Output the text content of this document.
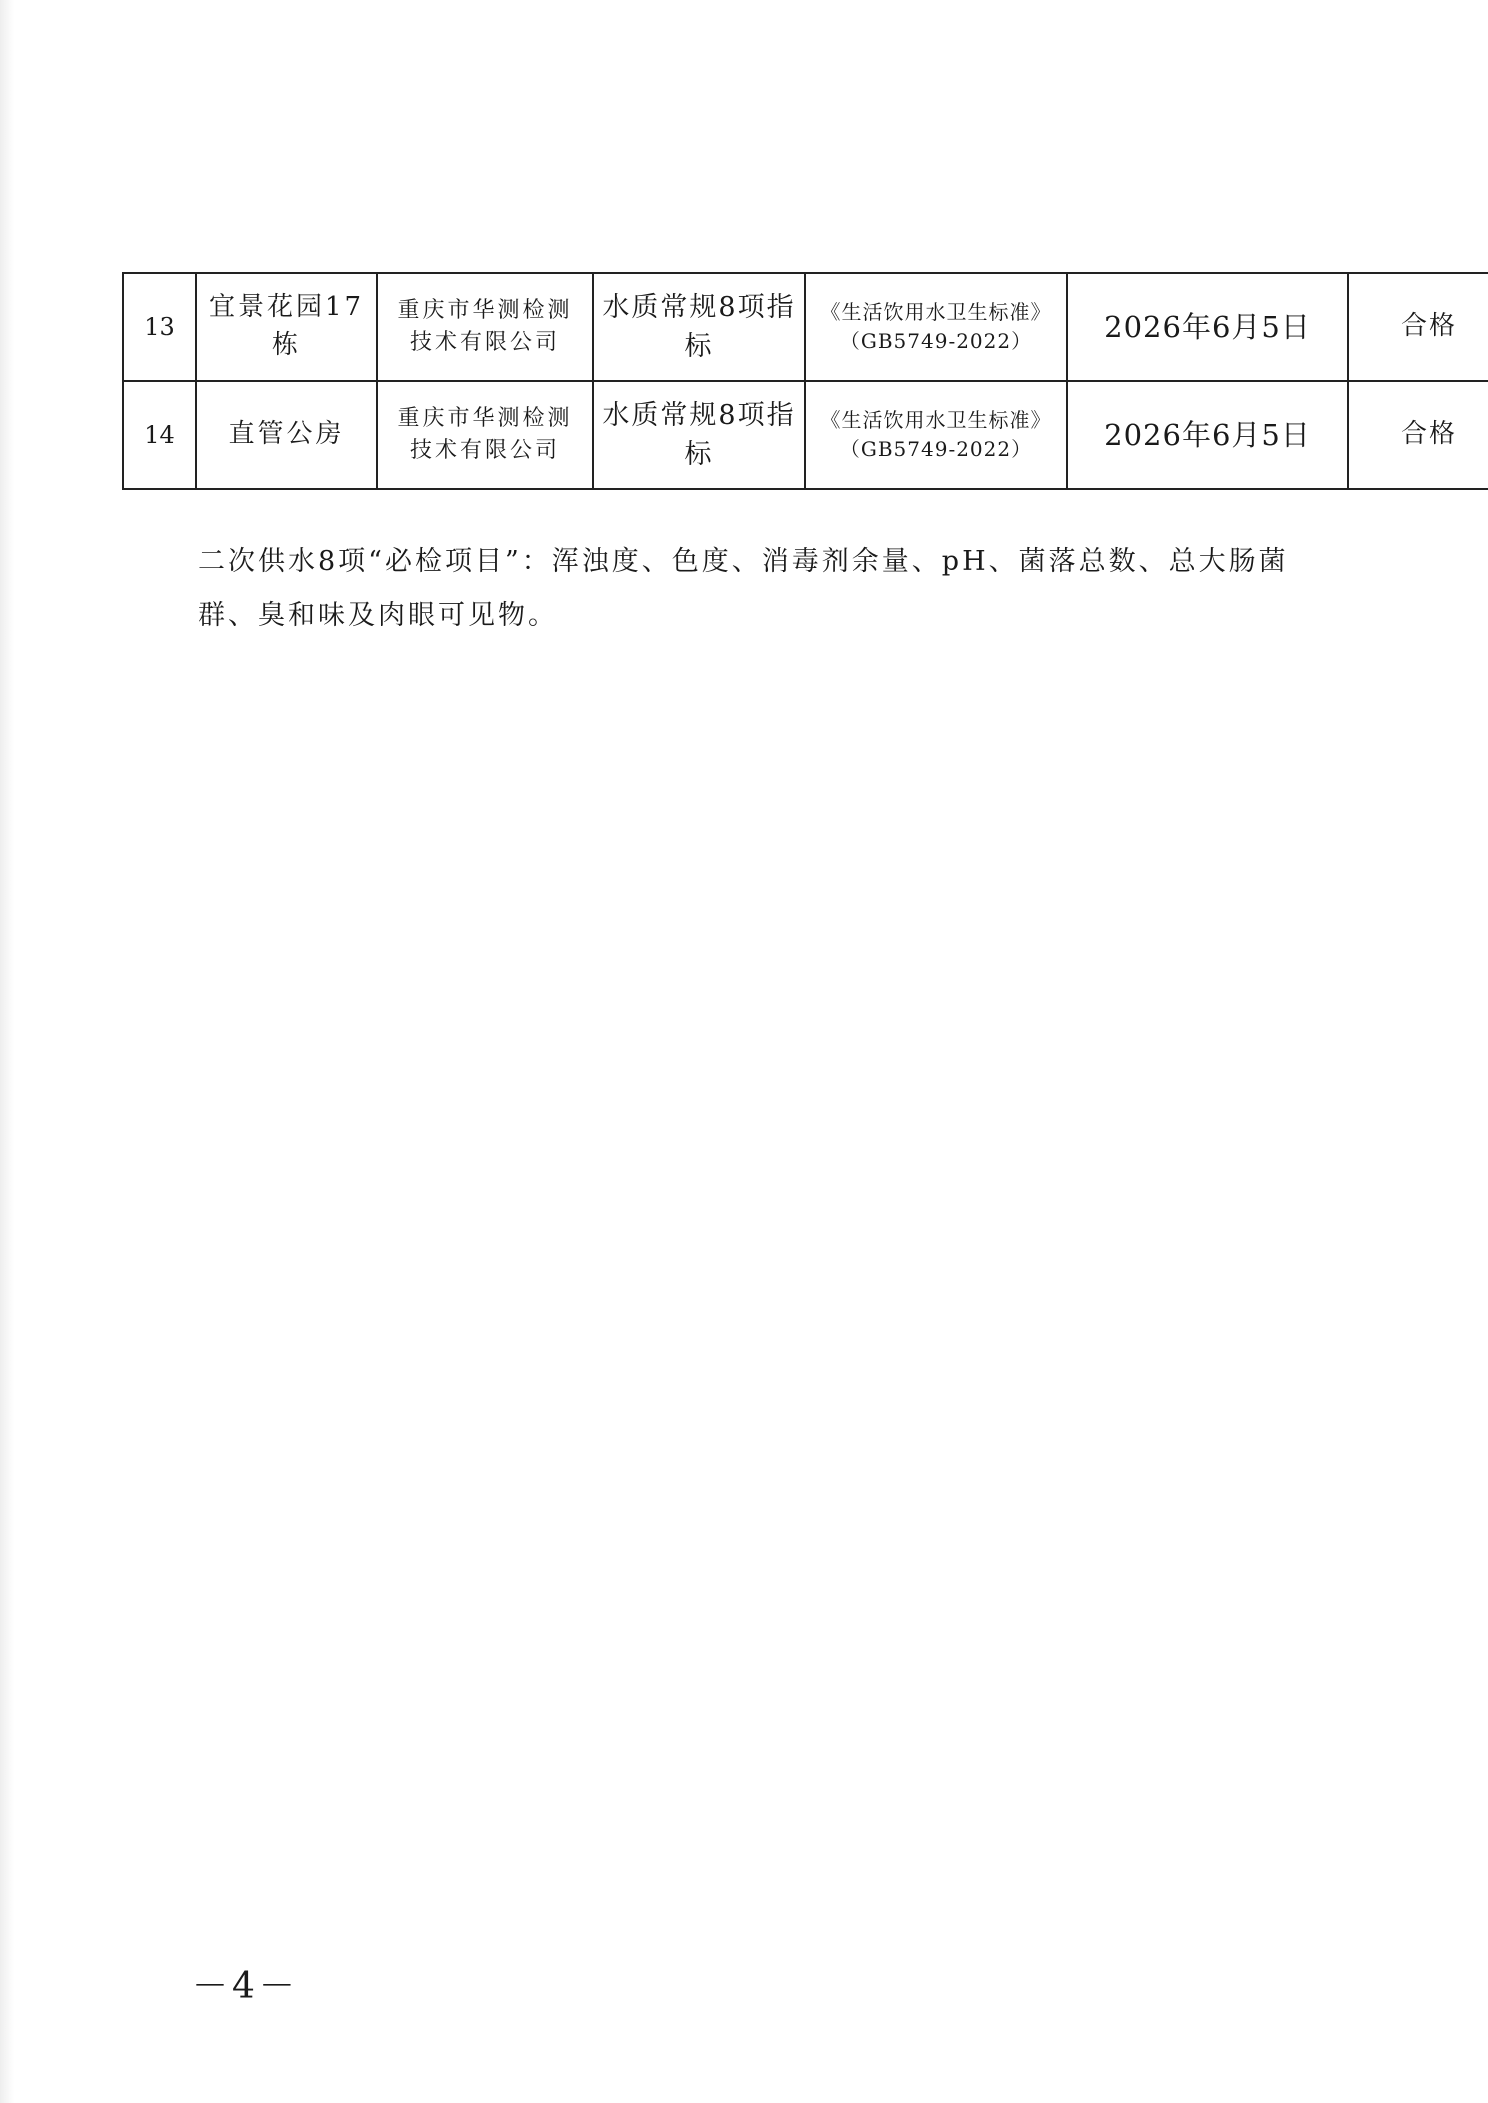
13	宜景花园17栋	重庆市华测检测技术有限公司	水质常规8项指标	《生活饮用水卫生标准》（GB5749-2022）	2026年6月5日	合格
14	直管公房	重庆市华测检测技术有限公司	水质常规8项指标	《生活饮用水卫生标准》（GB5749-2022）	2026年6月5日	合格

二次供水8项“必检项目”：浑浊度、色度、消毒剂余量、pH、菌落总数、总大肠菌群、臭和味及肉眼可见物。

－4－
